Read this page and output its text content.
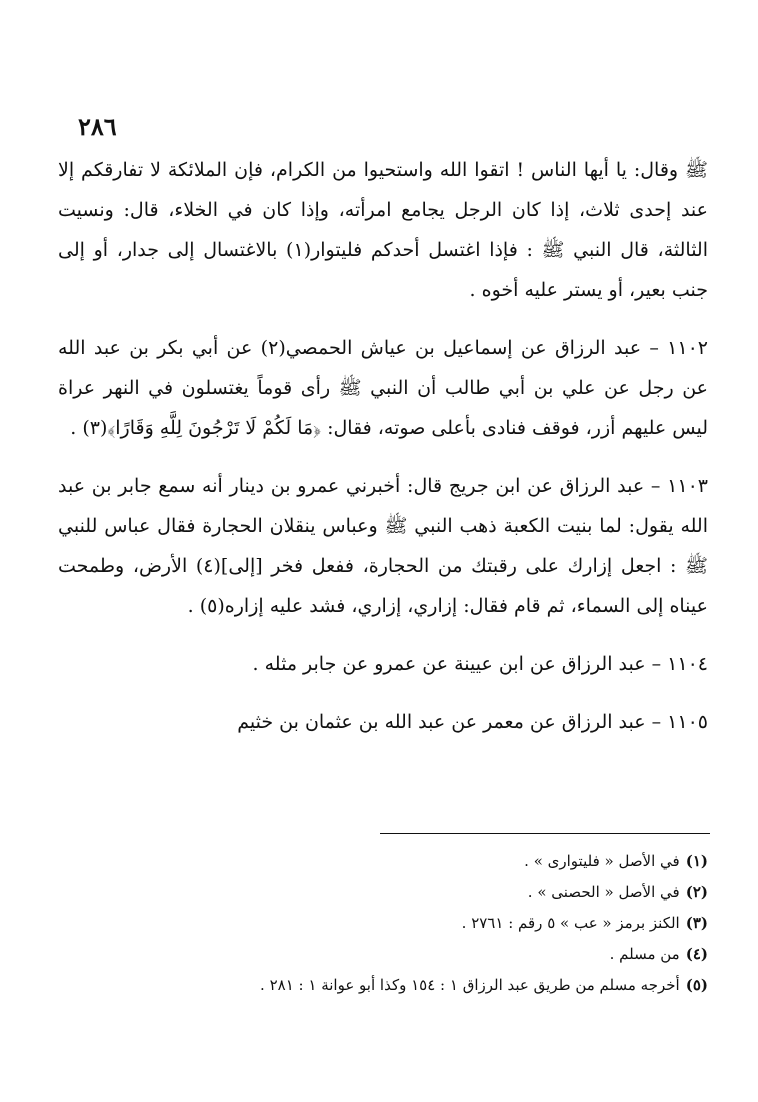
٢٨٦

ﷺ وقال: يا أيها الناس ! اتقوا الله واستحيوا من الكرام، فإن الملائكة لا تفارقكم إلا عند إحدى ثلاث، إذا كان الرجل يجامع امرأته، وإذا كان في الخلاء، قال: ونسيت الثالثة، قال النبي ﷺ : فإذا اغتسل أحدكم فليتوار(١) بالاغتسال إلى جدار، أو إلى جنب بعير، أو يستر عليه أخوه .

١١٠٢ – عبد الرزاق عن إسماعيل بن عياش الحمصي(٢) عن أبي بكر بن عبد الله عن رجل عن علي بن أبي طالب أن النبي ﷺ رأى قوماً يغتسلون في النهر عراة ليس عليهم أزر، فوقف فنادى بأعلى صوته، فقال: ﴿مَا لَكُمْ لَا تَرْجُونَ لِلَّهِ وَقَارًا﴾(٣) .

١١٠٣ – عبد الرزاق عن ابن جريج قال: أخبرني عمرو بن دينار أنه سمع جابر بن عبد الله يقول: لما بنيت الكعبة ذهب النبي ﷺ وعباس ينقلان الحجارة فقال عباس للنبي ﷺ : اجعل إزارك على رقبتك من الحجارة، ففعل فخر [إلى](٤) الأرض، وطمحت عيناه إلى السماء، ثم قام فقال: إزاري، إزاري، فشد عليه إزاره(٥) .

١١٠٤ – عبد الرزاق عن ابن عيينة عن عمرو عن جابر مثله .

١١٠٥ – عبد الرزاق عن معمر عن عبد الله بن عثمان بن خثيم

(١)في الأصل « فليتوارى » .

(٢)في الأصل « الحصنى » .

(٣)الكنز برمز « عب » ٥ رقم : ٢٧٦١ .

(٤)من مسلم .

(٥)أخرجه مسلم من طريق عبد الرزاق ١ : ١٥٤ وكذا أبو عوانة ١ : ٢٨١ .
